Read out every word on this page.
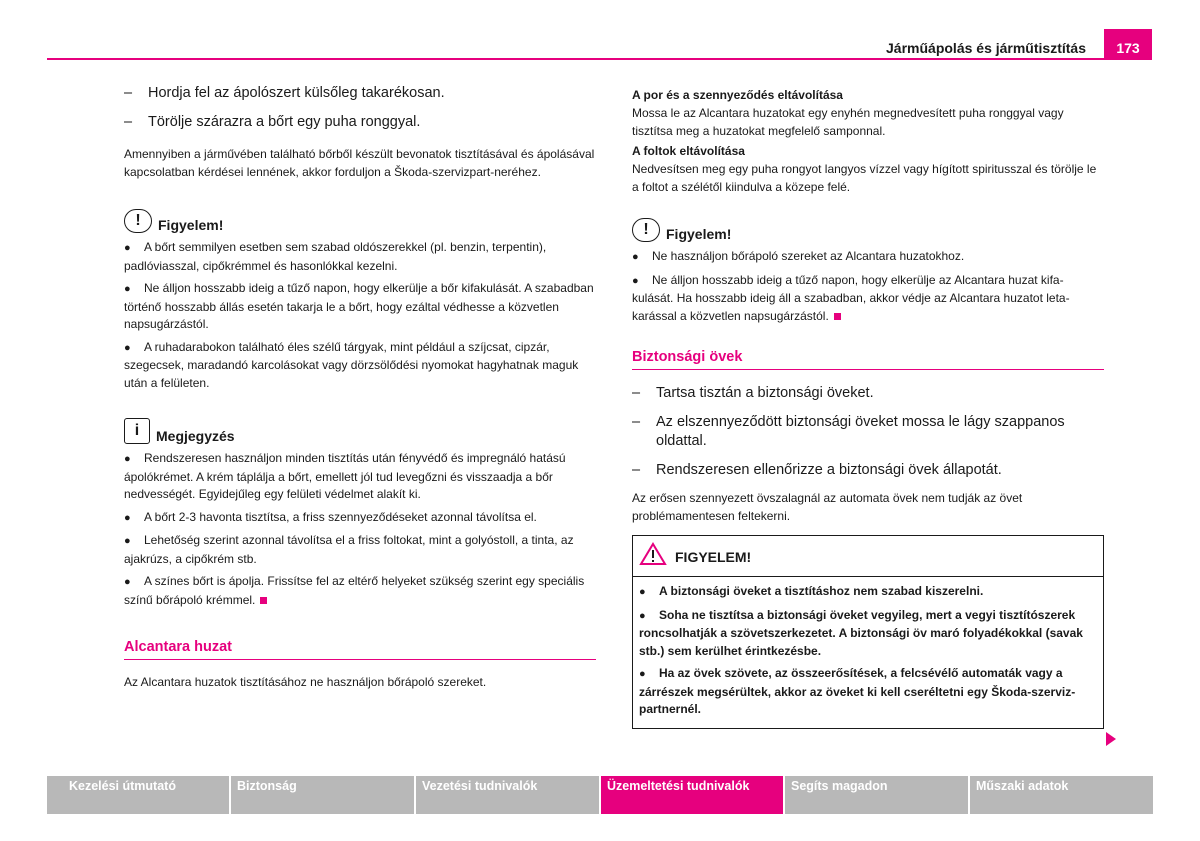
Járműápolás és járműtisztítás	173
–	Hordja fel az ápolószert külsőleg takarékosan.
–	Törölje szárazra a bőrt egy puha ronggyal.

Amennyiben a járművében található bőrből készült bevonatok tisztításával és ápolásával kapcsolatban kérdései lennének, akkor forduljon a Škoda-szervizpart-neréhez.

!	Figyelem!
● A bőrt semmilyen esetben sem szabad oldószerekkel (pl. benzin, terpentin), padlóviasszal, cipőkrémmel és hasonlókkal kezelni.
● Ne álljon hosszabb ideig a tűző napon, hogy elkerülje a bőr kifakulását. A szabadban történő hosszabb állás esetén takarja le a bőrt, hogy ezáltal védhesse a közvetlen napsugárzástól.
● A ruhadarabokon található éles szélű tárgyak, mint például a szíjcsat, cipzár, szegecsek, maradandó karcolásokat vagy dörzsölődési nyomokat hagyhatnak maguk után a felületen.
i	Megjegyzés
● Rendszeresen használjon minden tisztítás után fényvédő és impregnáló hatású ápolókrémet. A krém táplálja a bőrt, emellett jól tud levegőzni és visszaadja a bőr nedvességét. Egyidejűleg egy felületi védelmet alakít ki.
● A bőrt 2-3 havonta tisztítsa, a friss szennyeződéseket azonnal távolítsa el.
● Lehetőség szerint azonnal távolítsa el a friss foltokat, mint a golyóstoll, a tinta, az ajakrúzs, a cipőkrém stb.
● A színes bőrt is ápolja. Frissítse fel az eltérő helyeket szükség szerint egy speciális színű bőrápoló krémmel.
Alcantara huzat

Az Alcantara huzatok tisztításához ne használjon bőrápoló szereket.

A por és a szennyeződés eltávolítása

Mossa le az Alcantara huzatokat egy enyhén megnedvesített puha ronggyal vagy tisztítsa meg a huzatokat megfelelő samponnal.

A foltok eltávolítása

Nedvesítsen meg egy puha rongyot langyos vízzel vagy hígított spiritusszal és törölje le a foltot a szélétől kiindulva a közepe felé.

!	Figyelem!
● Ne használjon bőrápoló szereket az Alcantara huzatokhoz.
● Ne álljon hosszabb ideig a tűző napon, hogy elkerülje az Alcantara huzat kifa-kulását. Ha hosszabb ideig áll a szabadban, akkor védje az Alcantara huzatot leta-karással a közvetlen napsugárzástól.
Biztonsági övek
–	Tartsa tisztán a biztonsági öveket.
–	Az elszennyeződött biztonsági öveket mossa le lágy szappanos oldattal.
–	Rendszeresen ellenőrizze a biztonsági övek állapotát.

Az erősen szennyezett övszalagnál az automata övek nem tudják az övet problémamentesen feltekerni.

FIGYELEM!
● A biztonsági öveket a tisztításhoz nem szabad kiszerelni.
● Soha ne tisztítsa a biztonsági öveket vegyileg, mert a vegyi tisztítószerek roncsolhatják a szövetszerkezetet. A biztonsági öv maró folyadékokkal (savak stb.) sem kerülhet érintkezésbe.
● Ha az övek szövete, az összeerősítések, a felcsévélő automaták vagy a zárrészek megsérültek, akkor az öveket ki kell cseréltetni egy Škoda-szerviz-partnernél.
Kezelési útmutató	Biztonság	Vezetési tudnivalók	Üzemeltetési tudnivalók	Segíts magadon	Műszaki adatok
